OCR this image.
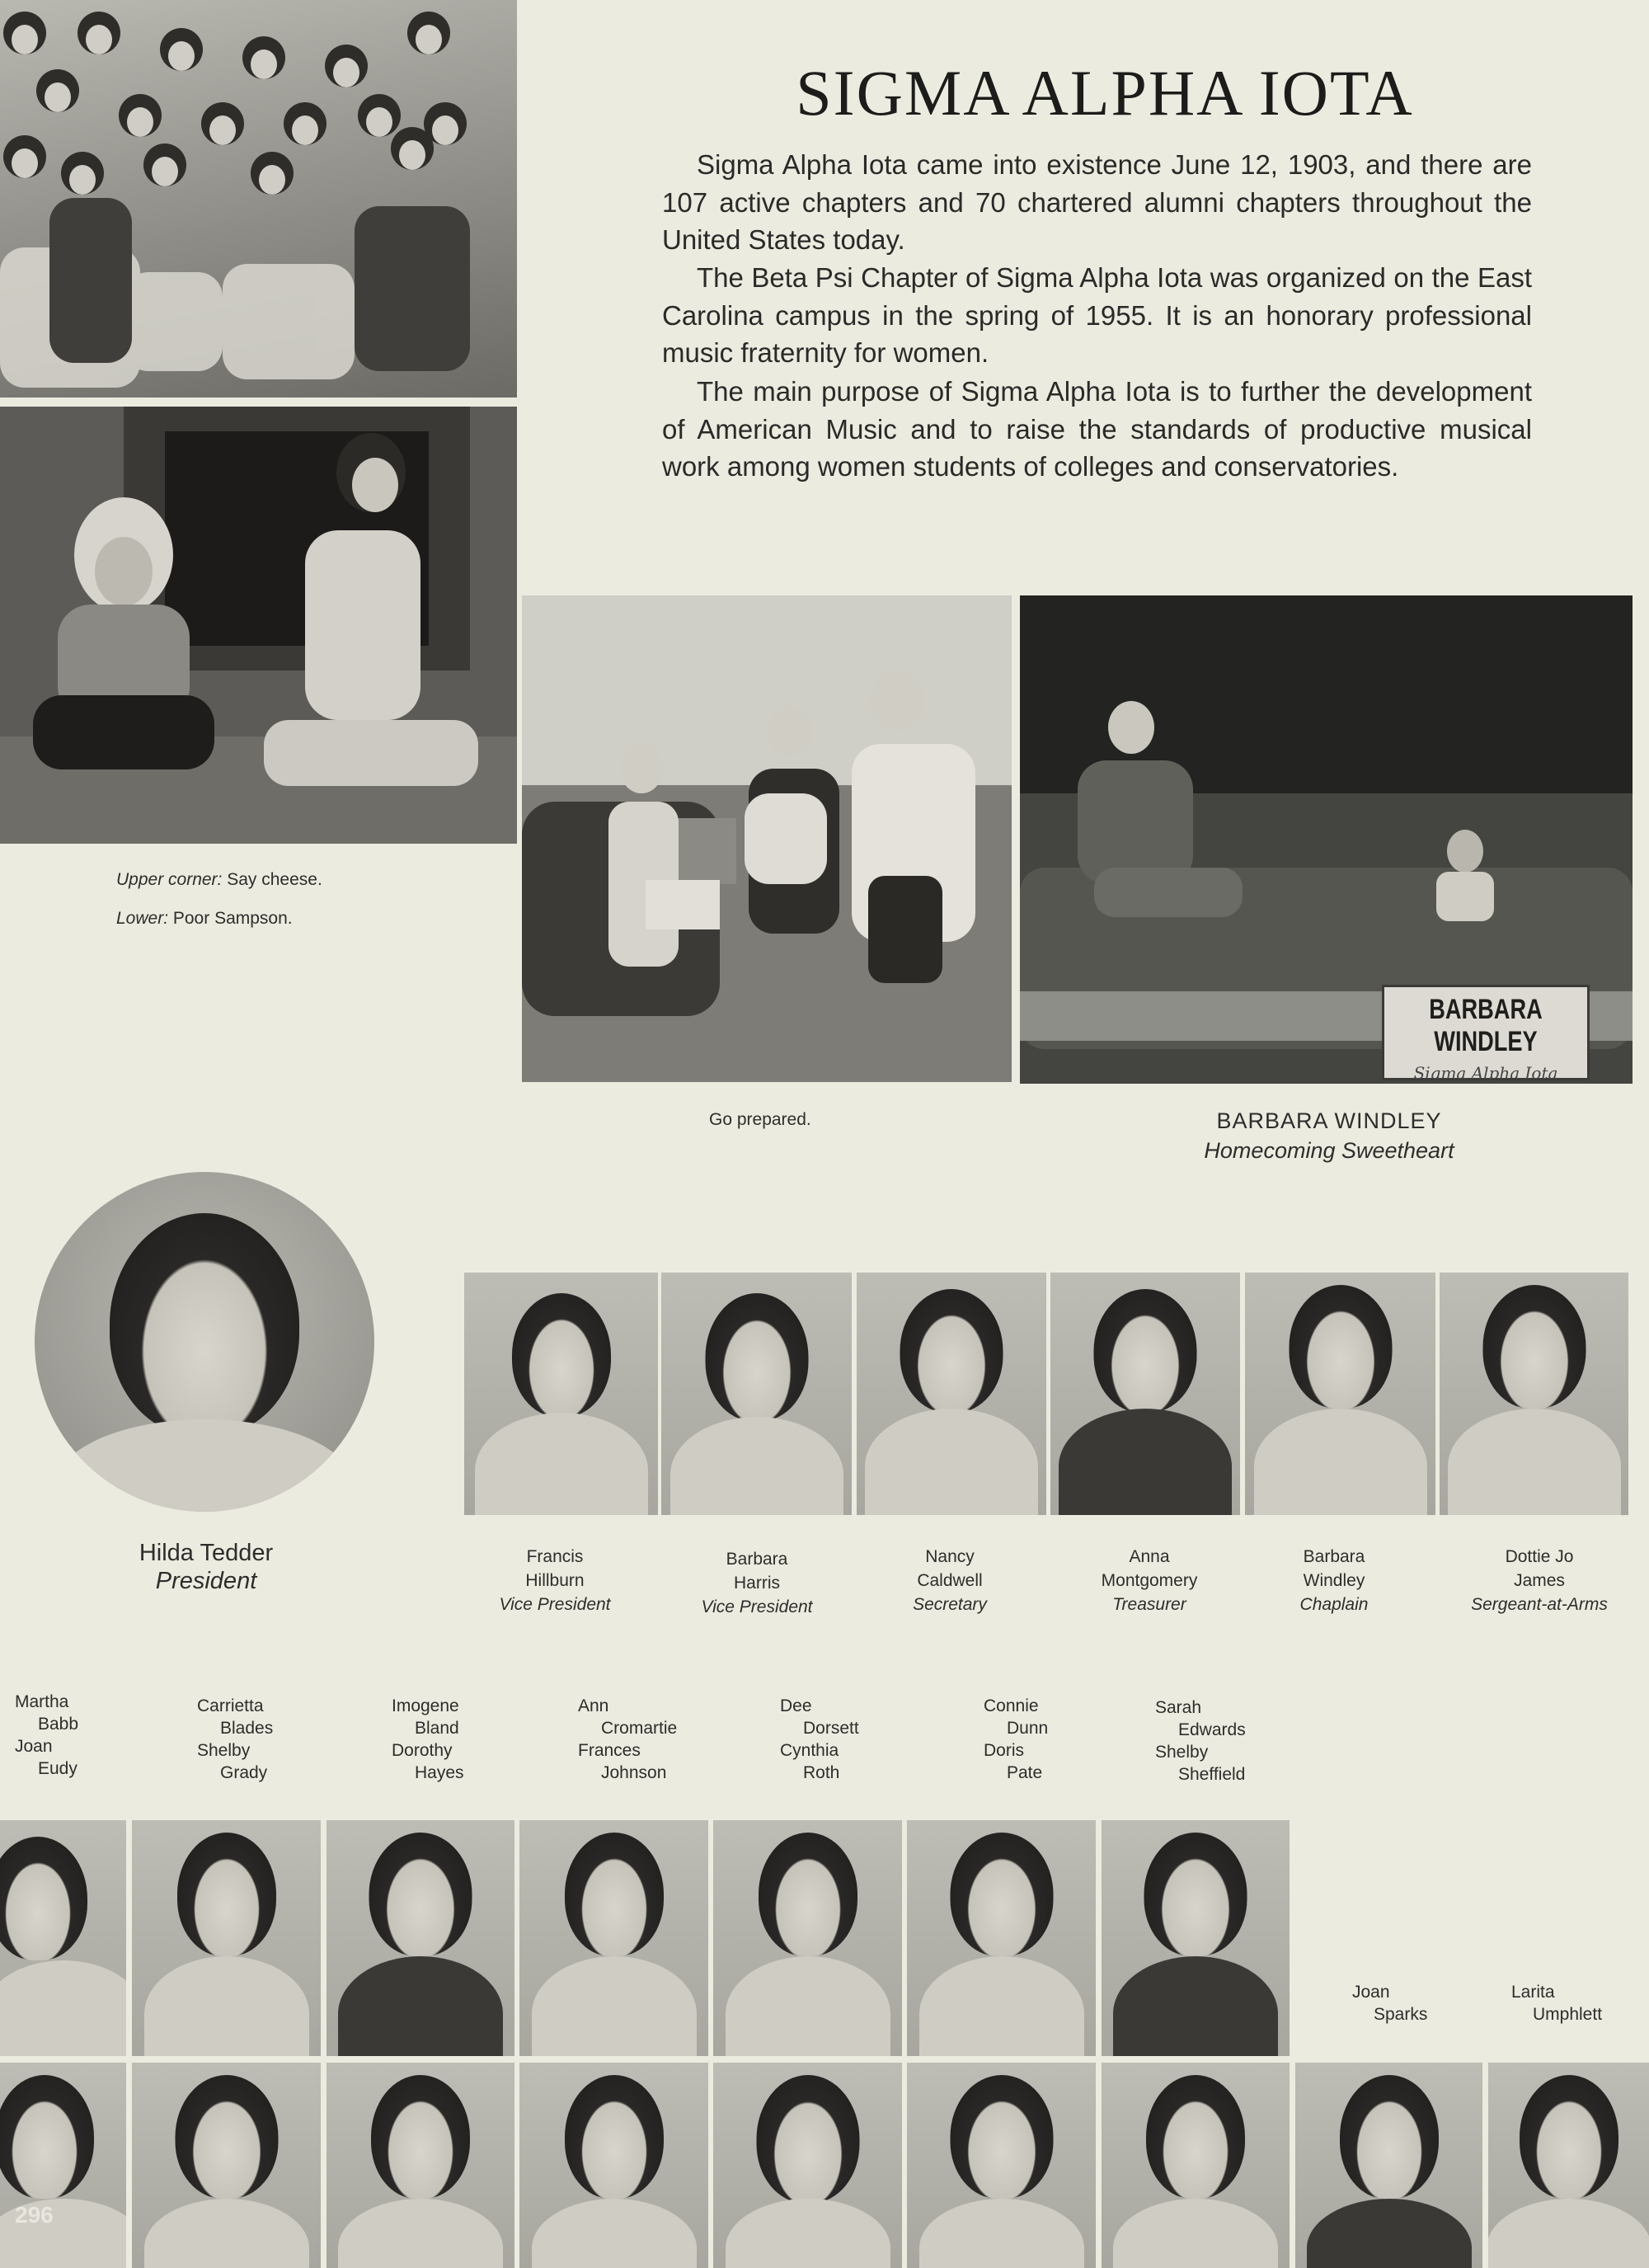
Upper corner: Say cheese.
Lower: Poor Sampson.
SIGMA ALPHA IOTA

Sigma Alpha Iota came into existence June 12, 1903, and there are 107 active chapters and 70 chartered alumni chapters throughout the United States today.

The Beta Psi Chapter of Sigma Alpha Iota was organized on the East Carolina campus in the spring of 1955. It is an honorary professional music fraternity for women.

The main purpose of Sigma Alpha Iota is to further the development of American Music and to raise the standards of productive musical work among women students of colleges and conservatories.

BARBARA WINDLEY
Sigma Alpha Iota
Go prepared.	BARBARA WINDLEY
Homecoming Sweetheart
Hilda Tedder
President
Francis
Hillburn
Vice President
Barbara
Harris
Vice President
Nancy
Caldwell
Secretary
Anna
Montgomery
Treasurer
Barbara
Windley
Chaplain
Dottie Jo
James
Sergeant-at-Arms
Martha
Babb
Joan
Eudy
Carrietta
Blades
Shelby
Grady
Imogene
Bland
Dorothy
Hayes
Ann
Cromartie
Frances
Johnson
Dee
Dorsett
Cynthia
Roth
Connie
Dunn
Doris
Pate
Sarah
Edwards
Shelby
Sheffield
Joan
Sparks
Larita
Umphlett
296
